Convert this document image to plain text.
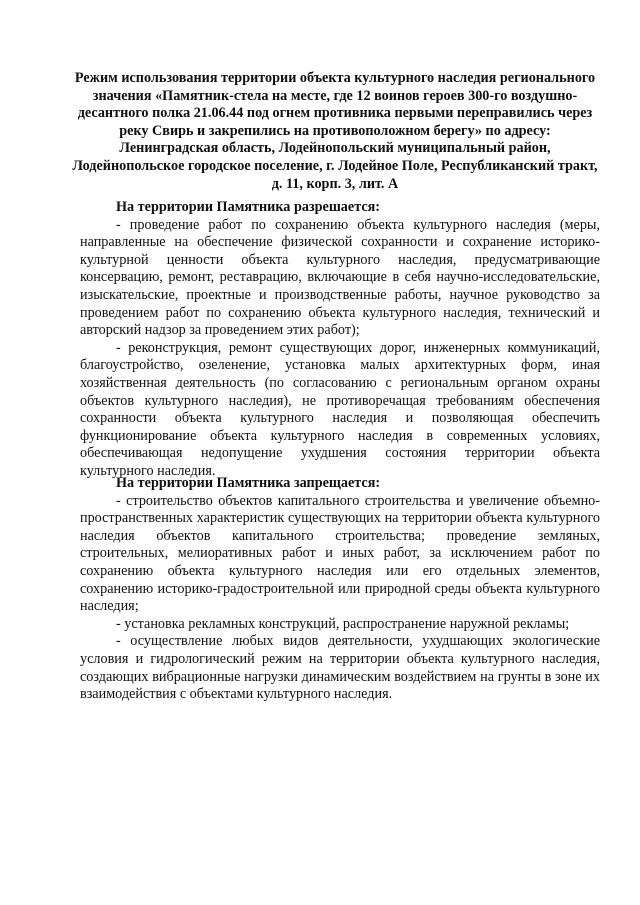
Режим использования территории объекта культурного наследия регионального значения «Памятник-стела на месте, где 12 воинов героев 300-го воздушно-десантного полка 21.06.44 под огнем противника первыми переправились через реку Свирь и закрепились на противоположном берегу» по адресу: Ленинградская область, Лодейнопольский муниципальный район, Лодейнопольское городское поселение, г. Лодейное Поле, Республиканский тракт, д. 11, корп. 3, лит. А

На территории Памятника разрешается:

- проведение работ по сохранению объекта культурного наследия (меры, направленные на обеспечение физической сохранности и сохранение историко-культурной ценности объекта культурного наследия, предусматривающие консервацию, ремонт, реставрацию, включающие в себя научно-исследовательские, изыскательские, проектные и производственные работы, научное руководство за проведением работ по сохранению объекта культурного наследия, технический и авторский надзор за проведением этих работ);

- реконструкция, ремонт существующих дорог, инженерных коммуникаций, благоустройство, озеленение, установка малых архитектурных форм, иная хозяйственная деятельность (по согласованию с региональным органом охраны объектов культурного наследия), не противоречащая требованиям обеспечения сохранности объекта культурного наследия и позволяющая обеспечить функционирование объекта культурного наследия в современных условиях, обеспечивающая недопущение ухудшения состояния территории объекта культурного наследия.

На территории Памятника запрещается:

- строительство объектов капитального строительства и увеличение объемно-пространственных характеристик существующих на территории объекта культурного наследия объектов капитального строительства; проведение земляных, строительных, мелиоративных работ и иных работ, за исключением работ по сохранению объекта культурного наследия или его отдельных элементов, сохранению историко-градостроительной или природной среды объекта культурного наследия;

- установка рекламных конструкций, распространение наружной рекламы;

- осуществление любых видов деятельности, ухудшающих экологические условия и гидрологический режим на территории объекта культурного наследия, создающих вибрационные нагрузки динамическим воздействием на грунты в зоне их взаимодействия с объектами культурного наследия.
